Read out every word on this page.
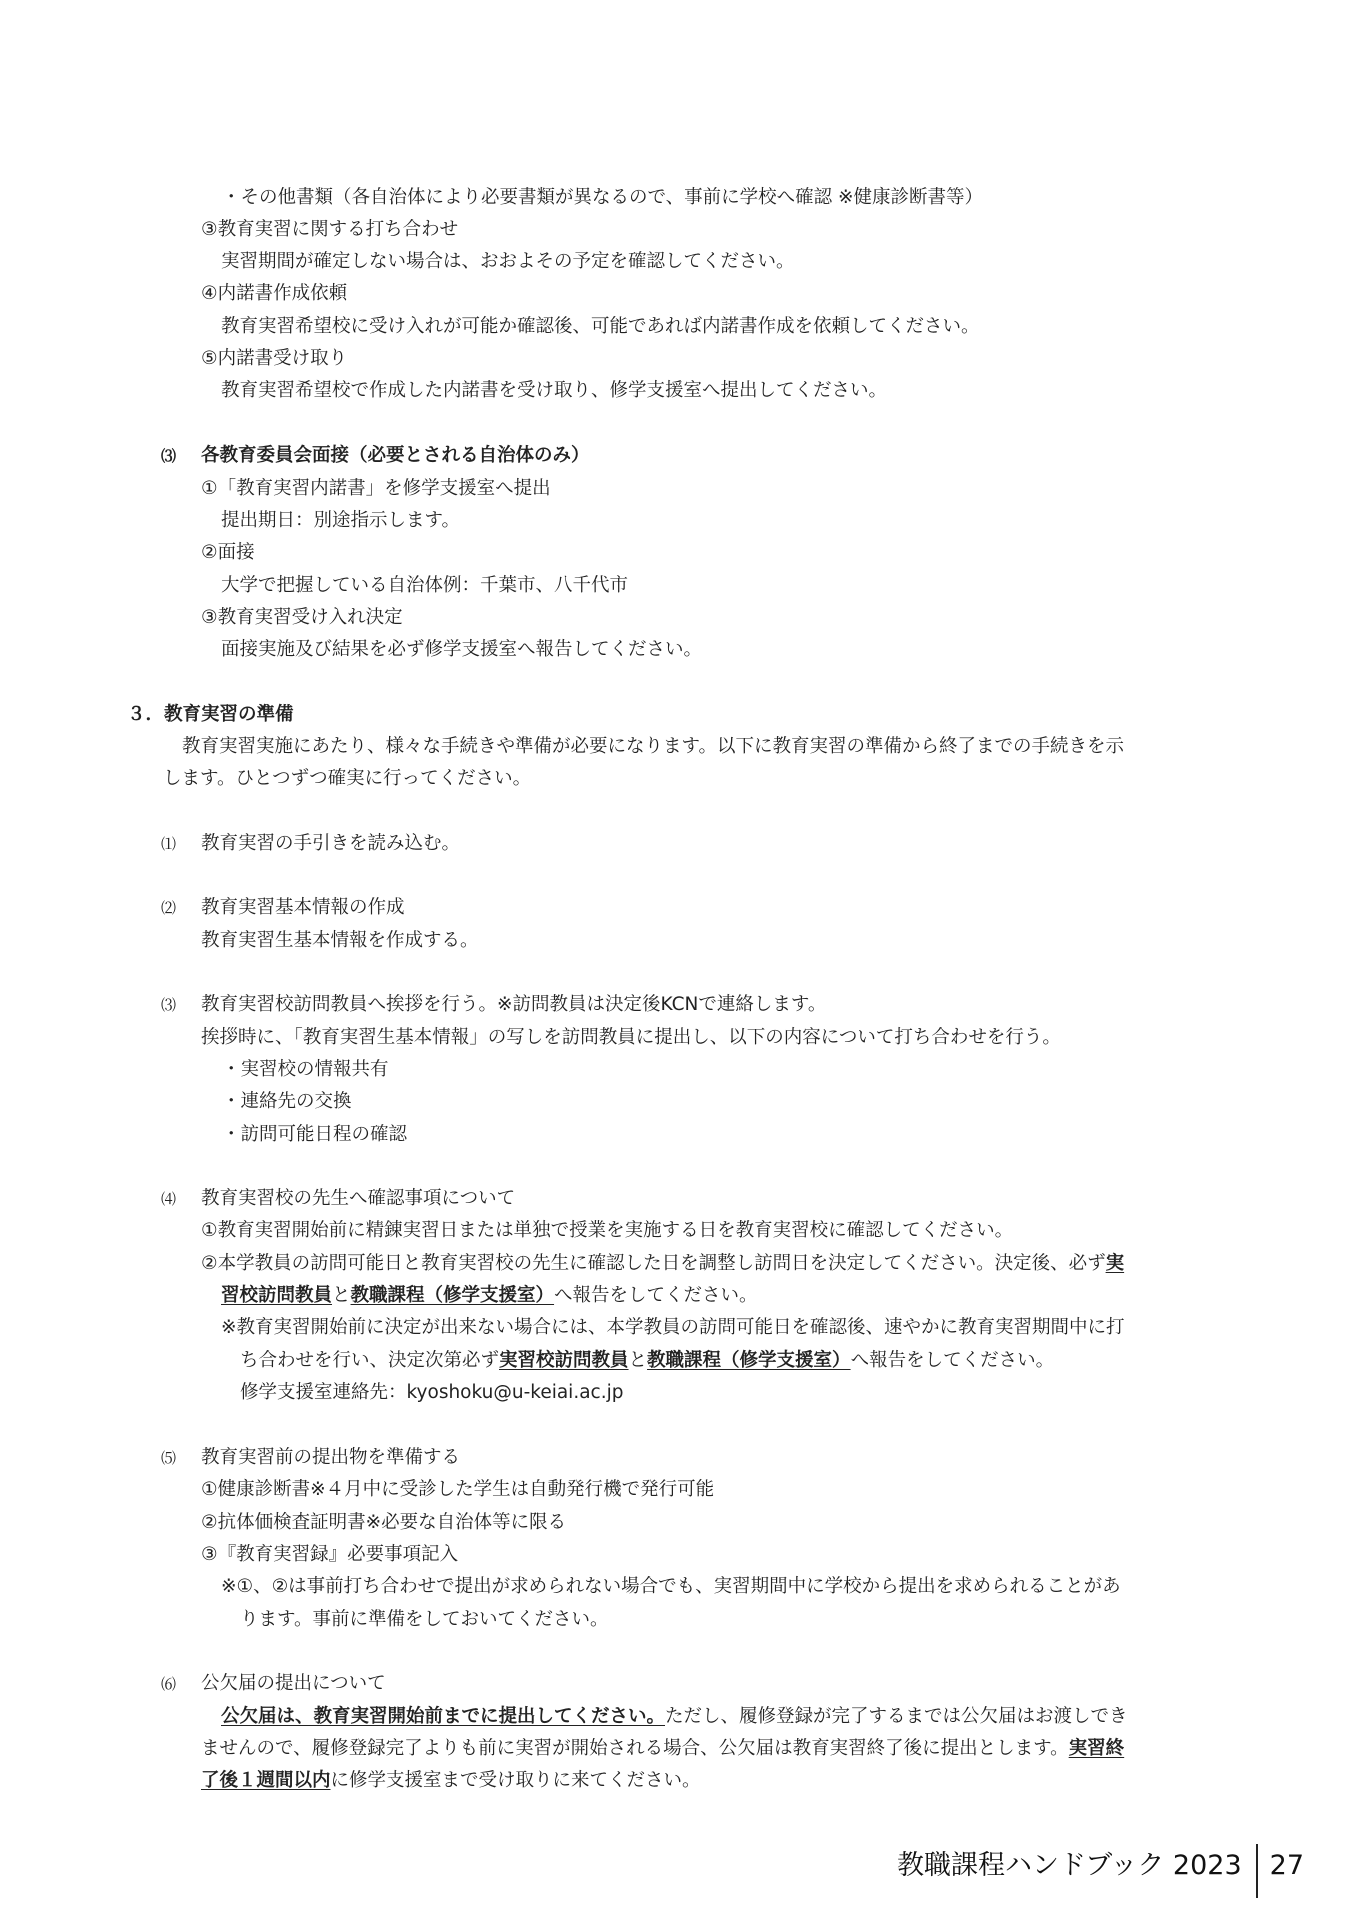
・その他書類（各自治体により必要書類が異なるので、事前に学校へ確認 ※健康診断書等）
③教育実習に関する打ち合わせ
実習期間が確定しない場合は、おおよその予定を確認してください。
④内諾書作成依頼
教育実習希望校に受け入れが可能か確認後、可能であれば内諾書作成を依頼してください。
⑤内諾書受け取り
教育実習希望校で作成した内諾書を受け取り、修学支援室へ提出してください。
⑶ 各教育委員会面接（必要とされる自治体のみ）
①「教育実習内諾書」を修学支援室へ提出
提出期日：別途指示します。
②面接
大学で把握している自治体例：千葉市、八千代市
③教育実習受け入れ決定
面接実施及び結果を必ず修学支援室へ報告してください。
３．教育実習の準備
教育実習実施にあたり、様々な手続きや準備が必要になります。以下に教育実習の準備から終了までの手続きを示
します。ひとつずつ確実に行ってください。
⑴ 教育実習の手引きを読み込む。
⑵ 教育実習基本情報の作成
教育実習生基本情報を作成する。
⑶ 教育実習校訪問教員へ挨拶を行う。※訪問教員は決定後KCNで連絡します。
挨拶時に、「教育実習生基本情報」の写しを訪問教員に提出し、以下の内容について打ち合わせを行う。
・実習校の情報共有
・連絡先の交換
・訪問可能日程の確認
⑷ 教育実習校の先生へ確認事項について
①教育実習開始前に精錬実習日または単独で授業を実施する日を教育実習校に確認してください。
②本学教員の訪問可能日と教育実習校の先生に確認した日を調整し訪問日を決定してください。決定後、必ず実
習校訪問教員と教職課程（修学支援室）へ報告をしてください。
※教育実習開始前に決定が出来ない場合には、本学教員の訪問可能日を確認後、速やかに教育実習期間中に打
ち合わせを行い、決定次第必ず実習校訪問教員と教職課程（修学支援室）へ報告をしてください。
修学支援室連絡先：kyoshoku@u-keiai.ac.jp
⑸ 教育実習前の提出物を準備する
①健康診断書※４月中に受診した学生は自動発行機で発行可能
②抗体価検査証明書※必要な自治体等に限る
③『教育実習録』必要事項記入
※①、②は事前打ち合わせで提出が求められない場合でも、実習期間中に学校から提出を求められることがあ
ります。事前に準備をしておいてください。
⑹ 公欠届の提出について
公欠届は、教育実習開始前までに提出してください。ただし、履修登録が完了するまでは公欠届はお渡しでき
ませんので、履修登録完了よりも前に実習が開始される場合、公欠届は教育実習終了後に提出とします。実習終
了後１週間以内に修学支援室まで受け取りに来てください。
教職課程ハンドブック 2023 27
